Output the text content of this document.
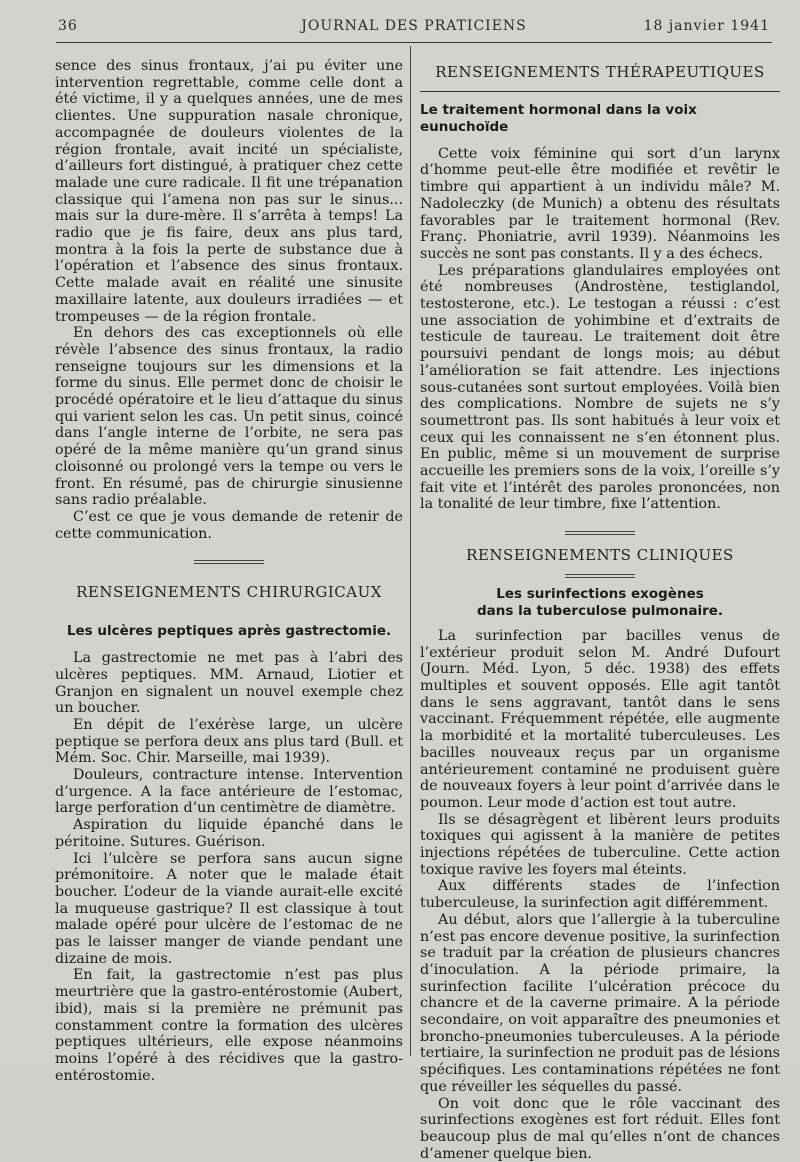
36	JOURNAL DES PRATICIENS	18 janvier 1941

sence des sinus frontaux, j’ai pu éviter une intervention regrettable, comme celle dont a été victime, il y a quelques années, une de mes clientes. Une suppuration nasale chronique, accompagnée de douleurs violentes de la région frontale, avait incité un spécialiste, d’ailleurs fort distingué, à pratiquer chez cette malade une cure radicale. Il fit une trépanation classique qui l’amena non pas sur le sinus... mais sur la dure-mère. Il s’arrêta à temps! La radio que je fis faire, deux ans plus tard, montra à la fois la perte de substance due à l’opération et l’absence des sinus frontaux. Cette malade avait en réalité une sinusite maxillaire latente, aux douleurs irradiées — et trompeuses — de la région frontale.

En dehors des cas exceptionnels où elle révèle l’absence des sinus frontaux, la radio renseigne toujours sur les dimensions et la forme du sinus. Elle permet donc de choisir le procédé opératoire et le lieu d’attaque du sinus qui varient selon les cas. Un petit sinus, coincé dans l’angle interne de l’orbite, ne sera pas opéré de la même manière qu’un grand sinus cloisonné ou prolongé vers la tempe ou vers le front. En résumé, pas de chirurgie sinusienne sans radio préalable.

C’est ce que je vous demande de retenir de cette communication.

RENSEIGNEMENTS CHIRURGICAUX
Les ulcères peptiques après gastrectomie.

La gastrectomie ne met pas à l’abri des ulcères peptiques. MM. Arnaud, Liotier et Granjon en signalent un nouvel exemple chez un boucher.

En dépit de l’exérèse large, un ulcère peptique se perfora deux ans plus tard (Bull. et Mém. Soc. Chir. Marseille, mai 1939).

Douleurs, contracture intense. Intervention d’urgence. A la face antérieure de l’estomac, large perforation d’un centimètre de diamètre.

Aspiration du liquide épanché dans le péritoine. Sutures. Guérison.

Ici l’ulcère se perfora sans aucun signe prémonitoire. A noter que le malade était boucher. L’odeur de la viande aurait-elle excité la muqueuse gastrique? Il est classique à tout malade opéré pour ulcère de l’estomac de ne pas le laisser manger de viande pendant une dizaine de mois.

En fait, la gastrectomie n’est pas plus meurtrière que la gastro-entérostomie (Aubert, ibid), mais si la première ne prémunit pas constamment contre la formation des ulcères peptiques ultérieurs, elle expose néanmoins moins l’opéré à des récidives que la gastro-entérostomie.

RENSEIGNEMENTS THÉRAPEUTIQUES
Le traitement hormonal dans la voix eunuchoïde

Cette voix féminine qui sort d’un larynx d’homme peut-elle être modifiée et revêtir le timbre qui appartient à un individu mâle? M. Nadoleczky (de Munich) a obtenu des résultats favorables par le traitement hormonal (Rev. Franç. Phoniatrie, avril 1939). Néanmoins les succès ne sont pas constants. Il y a des échecs.

Les préparations glandulaires employées ont été nombreuses (Androstène, testiglandol, testosterone, etc.). Le testogan a réussi : c’est une association de yohimbine et d’extraits de testicule de taureau. Le traitement doit être poursuivi pendant de longs mois; au début l’amélioration se fait attendre. Les injections sous-cutanées sont surtout employées. Voilà bien des complications. Nombre de sujets ne s’y soumettront pas. Ils sont habitués à leur voix et ceux qui les connaissent ne s’en étonnent plus. En public, même si un mouvement de surprise accueille les premiers sons de la voix, l’oreille s’y fait vite et l’intérêt des paroles prononcées, non la tonalité de leur timbre, fixe l’attention.

RENSEIGNEMENTS CLINIQUES
Les surinfections exogènes
dans la tuberculose pulmonaire.

La surinfection par bacilles venus de l’extérieur produit selon M. André Dufourt (Journ. Méd. Lyon, 5 déc. 1938) des effets multiples et souvent opposés. Elle agit tantôt dans le sens aggravant, tantôt dans le sens vaccinant. Fréquemment répétée, elle augmente la morbidité et la mortalité tuberculeuses. Les bacilles nouveaux reçus par un organisme antérieurement contaminé ne produisent guère de nouveaux foyers à leur point d’arrivée dans le poumon. Leur mode d’action est tout autre.

Ils se désagrègent et libèrent leurs produits toxiques qui agissent à la manière de petites injections répétées de tuberculine. Cette action toxique ravive les foyers mal éteints.

Aux différents stades de l’infection tuberculeuse, la surinfection agit différemment.

Au début, alors que l’allergie à la tuberculine n’est pas encore devenue positive, la surinfection se traduit par la création de plusieurs chancres d’inoculation. A la période primaire, la surinfection facilite l’ulcération précoce du chancre et de la caverne primaire. A la période secondaire, on voit apparaître des pneumonies et broncho-pneumonies tuberculeuses. A la période tertiaire, la surinfection ne produit pas de lésions spécifiques. Les contaminations répétées ne font que réveiller les séquelles du passé.

On voit donc que le rôle vaccinant des surinfections exogènes est fort réduit. Elles font beaucoup plus de mal qu’elles n’ont de chances d’amener quelque bien.
